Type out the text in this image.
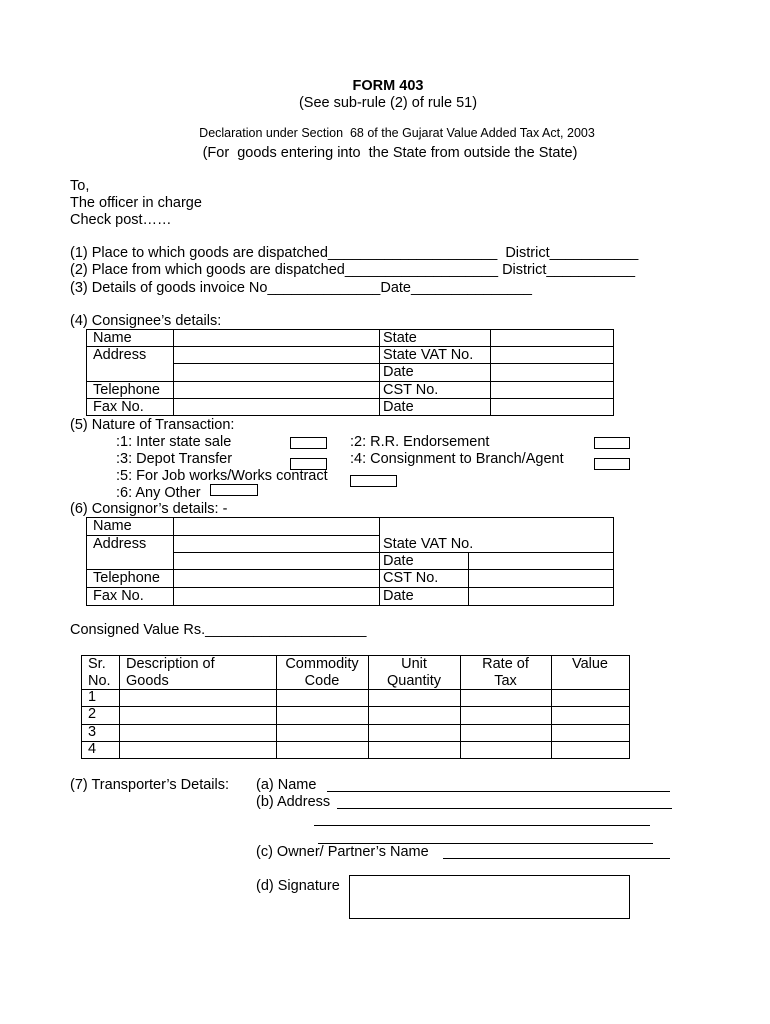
FORM 403
(See sub-rule (2) of rule 51)
Declaration under Section  68 of the Gujarat Value Added Tax Act, 2003
(For  goods entering into  the State from outside the State)
To,
The officer in charge
Check post……
(1) Place to which goods are dispatched_____________________  District___________
(2) Place from which goods are dispatched___________________ District___________
(3) Details of goods invoice No______________Date_______________
(4) Consignee’s details:
Name
Address
Telephone
Fax No.
State
State VAT No.
Date
CST No.
Date
(5) Nature of Transaction:
:1: Inter state sale	:2: R.R. Endorsement
:3: Depot Transfer	:4: Consignment to Branch/Agent
:5: For Job works/Works contract
:6: Any Other
(6) Consignor’s details: -
Name
Address
Telephone
Fax No.
State VAT No.
Date
CST No.
Date
Consigned Value Rs.____________________
Sr.
No.
Description of
Goods
Commodity
Code
Unit
Quantity
Rate of
Tax
Value
1
2
3
4
(7) Transporter’s Details: (a) Name
(b) Address
(c) Owner/ Partner’s Name
(d) Signature
